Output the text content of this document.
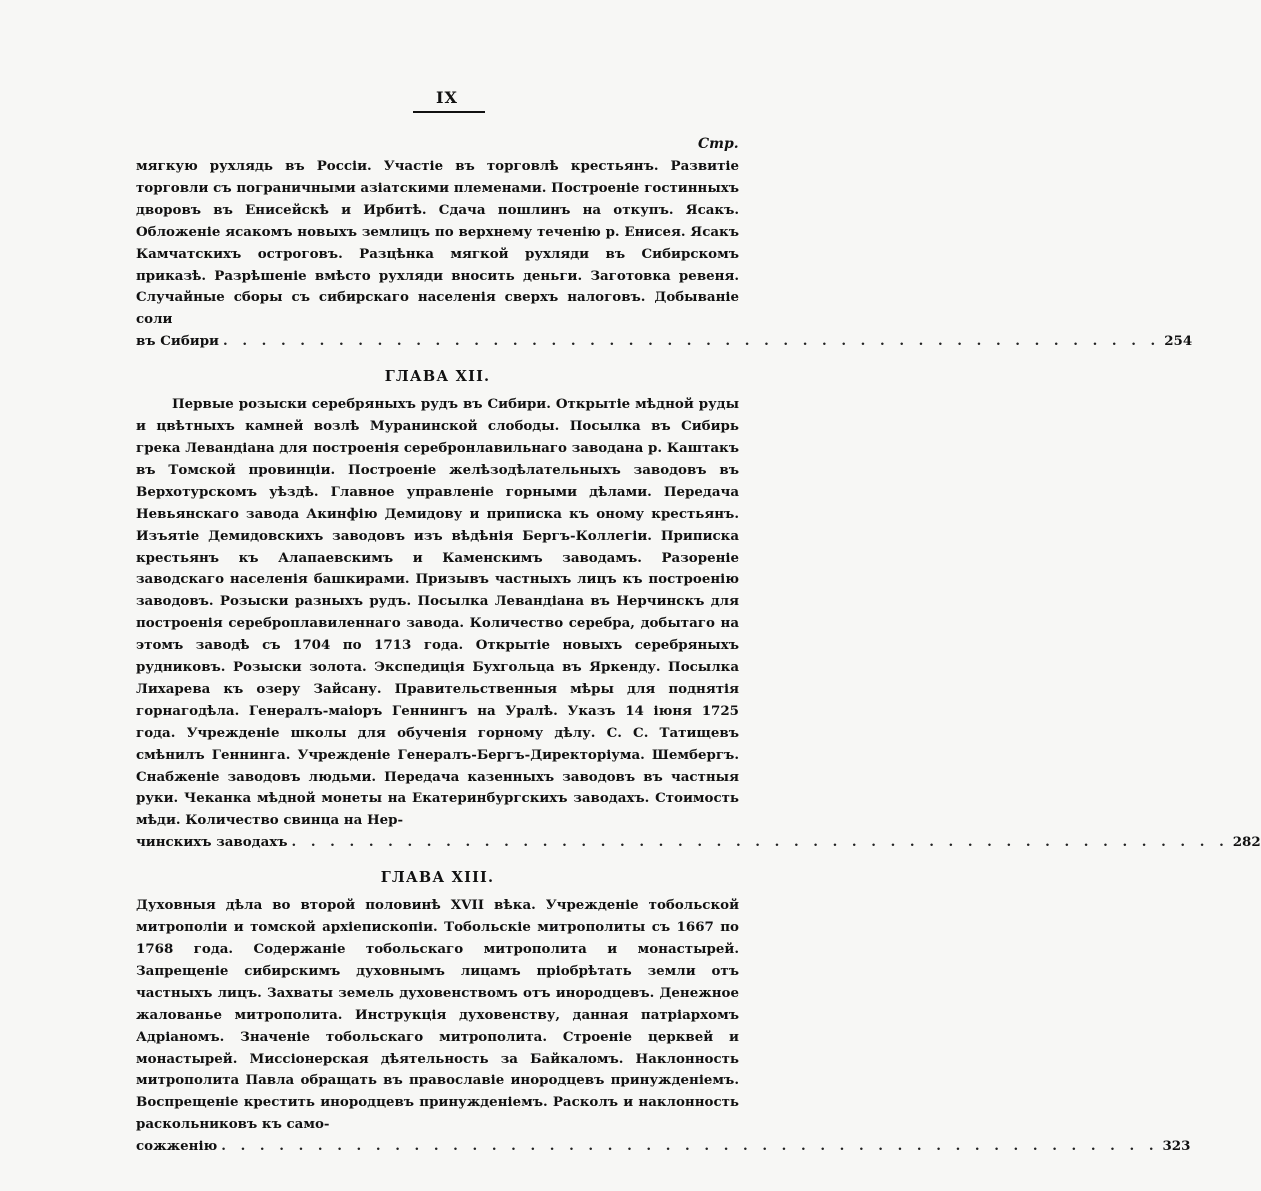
IX
Стр.
мягкую рухлядь въ Россіи. Участіе въ торговлѣ крестьянъ. Развитіе торговли съ пограничными азіатскими племенами. Построеніе гостинныхъ дворовъ въ Енисейскѣ и Ирбитѣ. Сдача пошлинъ на откупъ. Ясакъ. Обложеніе ясакомъ новыхъ землицъ по верхнему теченію р. Енисея. Ясакъ Камчатскихъ остроговъ. Разцѣнка мягкой рухляди въ Сибирскомъ приказѣ. Разрѣшеніе вмѣсто рухляди вносить деньги. Заготовка ревеня. Случайные сборы съ сибирскаго населенія сверхъ налоговъ. Добываніе соли
въ Сибири . . . . . . . . . . . . . . . . . . . . . . . . . . . . . . . . . . . . . . . . . . . . . . . . . 254
ГЛАВА XII.
Первые розыски серебряныхъ рудъ въ Сибири. Открытіе мѣдной руды и цвѣтныхъ камней возлѣ Муранинской слободы. Посылка въ Сибирь грека Левандіана для построенія серебронлавильнаго заводана р. Каштакъ въ Томской провинціи. Построеніе желѣзодѣлательныхъ заводовъ въ Верхотурскомъ уѣздѣ. Главное управленіе горными дѣлами. Передача Невьянскаго завода Акинфію Демидову и приписка къ оному крестьянъ. Изъятіе Демидовскихъ заводовъ изъ вѣдѣнія Бергъ-Коллегіи. Приписка крестьянъ къ Алапаевскимъ и Каменскимъ заводамъ. Разореніе заводскаго населенія башкирами. Призывъ частныхъ лицъ къ построенію заводовъ. Розыски разныхъ рудъ. Посылка Левандіана въ Нерчинскъ для построенія сереброплавиленнаго завода. Количество серебра, добытаго на этомъ заводѣ съ 1704 по 1713 года. Открытіе новыхъ серебряныхъ рудниковъ. Розыски золота. Экспедиція Бухгольца въ Яркенду. Посылка Лихарева къ озеру Зайсану. Правительственныя мѣры для поднятія горнагодѣла. Генералъ-маіоръ Геннингъ на Уралѣ. Указъ 14 іюня 1725 года. Учрежденіе школы для обученія горному дѣлу. С. С. Татищевъ смѣнилъ Геннинга. Учрежденіе Генералъ-Бергъ-Директоріума. Шембергъ. Снабженіе заводовъ людьми. Передача казенныхъ заводовъ въ частныя руки. Чеканка мѣдной монеты на Екатеринбургскихъ заводахъ. Стоимость мѣди. Количество свинца на Нер-
чинскихъ заводахъ . . . . . . . . . . . . . . . . . . . . . . . . . . . . . . . . . . . . . . . . . . . . . . . . . 282
ГЛАВА XIII.
Духовныя дѣла во второй половинѣ XVII вѣка. Учрежденіе тобольской митрополіи и томской архіепископіи. Тобольскіе митрополиты съ 1667 по 1768 года. Содержаніе тобольскаго митрополита и монастырей. Запрещеніе сибирскимъ духовнымъ лицамъ пріобрѣтать земли отъ частныхъ лицъ. Захваты земель духовенствомъ отъ инородцевъ. Денежное жалованье митрополита. Инструкція духовенству, данная патріархомъ Адріаномъ. Значеніе тобольскаго митрополита. Строеніе церквей и монастырей. Миссіонерская дѣятельность за Байкаломъ. Наклонность митрополита Павла обращать въ православіе инородцевъ принужденіемъ. Воспрещеніе крестить инородцевъ принужденіемъ. Расколъ и наклонность раскольниковъ къ само-
сожженію . . . . . . . . . . . . . . . . . . . . . . . . . . . . . . . . . . . . . . . . . . . . . . . . . 323
